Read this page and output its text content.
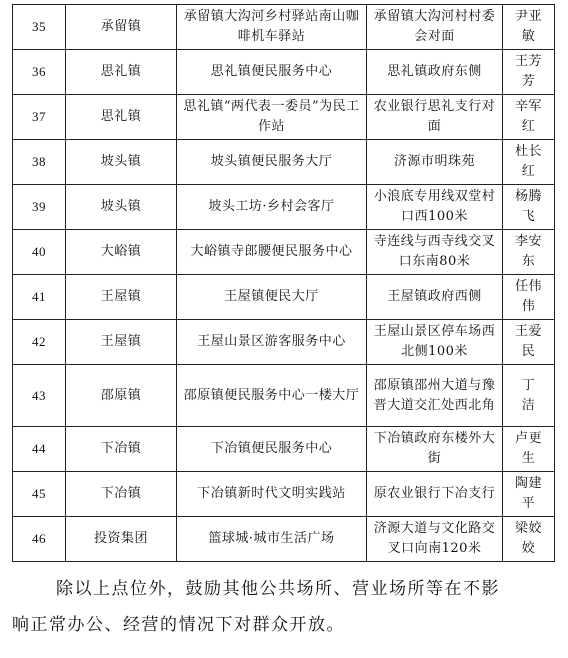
35	承留镇	承留镇大沟河乡村驿站南山咖啡机车驿站	承留镇大沟河村村委会对面	尹亚敏
36	思礼镇	思礼镇便民服务中心	思礼镇政府东侧	王芳芳
37	思礼镇	思礼镇“两代表一委员”为民工作站	农业银行思礼支行对面	辛军红
38	坡头镇	坡头镇便民服务大厅	济源市明珠苑	杜长红
39	坡头镇	坡头工坊·乡村会客厅	小浪底专用线双堂村口西100米	杨腾飞
40	大峪镇	大峪镇寺郎腰便民服务中心	寺连线与西寺线交叉口东南80米	李安东
41	王屋镇	王屋镇便民大厅	王屋镇政府西侧	任伟伟
42	王屋镇	王屋山景区游客服务中心	王屋山景区停车场西北侧100米	王爱民
43	邵原镇	邵原镇便民服务中心一楼大厅	邵原镇邵州大道与豫晋大道交汇处西北角	丁　洁
44	下冶镇	下冶镇便民服务中心	下冶镇政府东楼外大街	卢更生
45	下冶镇	下冶镇新时代文明实践站	原农业银行下冶支行	陶建平
46	投资集团	篮球城·城市生活广场	济源大道与文化路交叉口向南120米	梁姣姣
除以上点位外，鼓励其他公共场所、营业场所等在不影
响正常办公、经营的情况下对群众开放。
